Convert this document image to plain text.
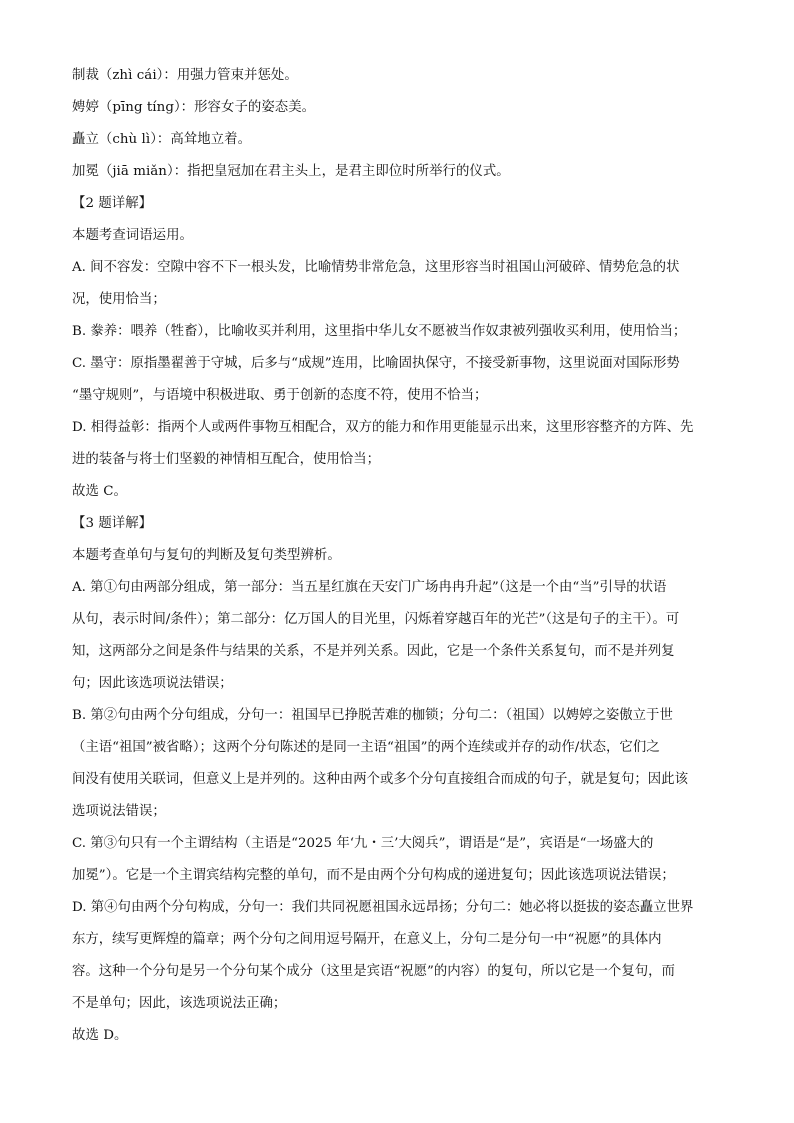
制裁（zhì cái）：用强力管束并惩处。
娉婷（pīng tíng）：形容女子的姿态美。
矗立（chù lì）：高耸地立着。
加冕（jiā miǎn）：指把皇冠加在君主头上，是君主即位时所举行的仪式。
【2 题详解】
本题考查词语运用。
A. 间不容发：空隙中容不下一根头发，比喻情势非常危急，这里形容当时祖国山河破碎、情势危急的状
况，使用恰当；
B. 豢养：喂养（牲畜），比喻收买并利用，这里指中华儿女不愿被当作奴隶被列强收买利用，使用恰当；
C. 墨守：原指墨翟善于守城，后多与“成规”连用，比喻固执保守，不接受新事物，这里说面对国际形势
“墨守规则”，与语境中积极进取、勇于创新的态度不符，使用不恰当；
D. 相得益彰：指两个人或两件事物互相配合，双方的能力和作用更能显示出来，这里形容整齐的方阵、先
进的装备与将士们坚毅的神情相互配合，使用恰当；
故选 C。
【3 题详解】
本题考查单句与复句的判断及复句类型辨析。
A. 第①句由两部分组成，第一部分：当五星红旗在天安门广场冉冉升起”（这是一个由“当”引导的状语
从句，表示时间/条件）；第二部分：亿万国人的目光里，闪烁着穿越百年的光芒”（这是句子的主干）。可
知，这两部分之间是条件与结果的关系，不是并列关系。因此，它是一个条件关系复句，而不是并列复
句；因此该选项说法错误；
B. 第②句由两个分句组成，分句一：祖国早已挣脱苦难的枷锁；分句二：（祖国）以娉婷之姿傲立于世
（主语“祖国”被省略）；这两个分句陈述的是同一主语“祖国”的两个连续或并存的动作/状态，它们之
间没有使用关联词，但意义上是并列的。这种由两个或多个分句直接组合而成的句子，就是复句；因此该
选项说法错误；
C. 第③句只有一个主谓结构（主语是“2025 年‘九・三’大阅兵”，谓语是“是”，宾语是“一场盛大的
加冕”）。它是一个主谓宾结构完整的单句，而不是由两个分句构成的递进复句；因此该选项说法错误；
D. 第④句由两个分句构成，分句一：我们共同祝愿祖国永远昂扬；分句二：她必将以挺拔的姿态矗立世界
东方，续写更辉煌的篇章；两个分句之间用逗号隔开，在意义上，分句二是分句一中“祝愿”的具体内
容。这种一个分句是另一个分句某个成分（这里是宾语“祝愿”的内容）的复句，所以它是一个复句，而
不是单句；因此，该选项说法正确；
故选 D。
